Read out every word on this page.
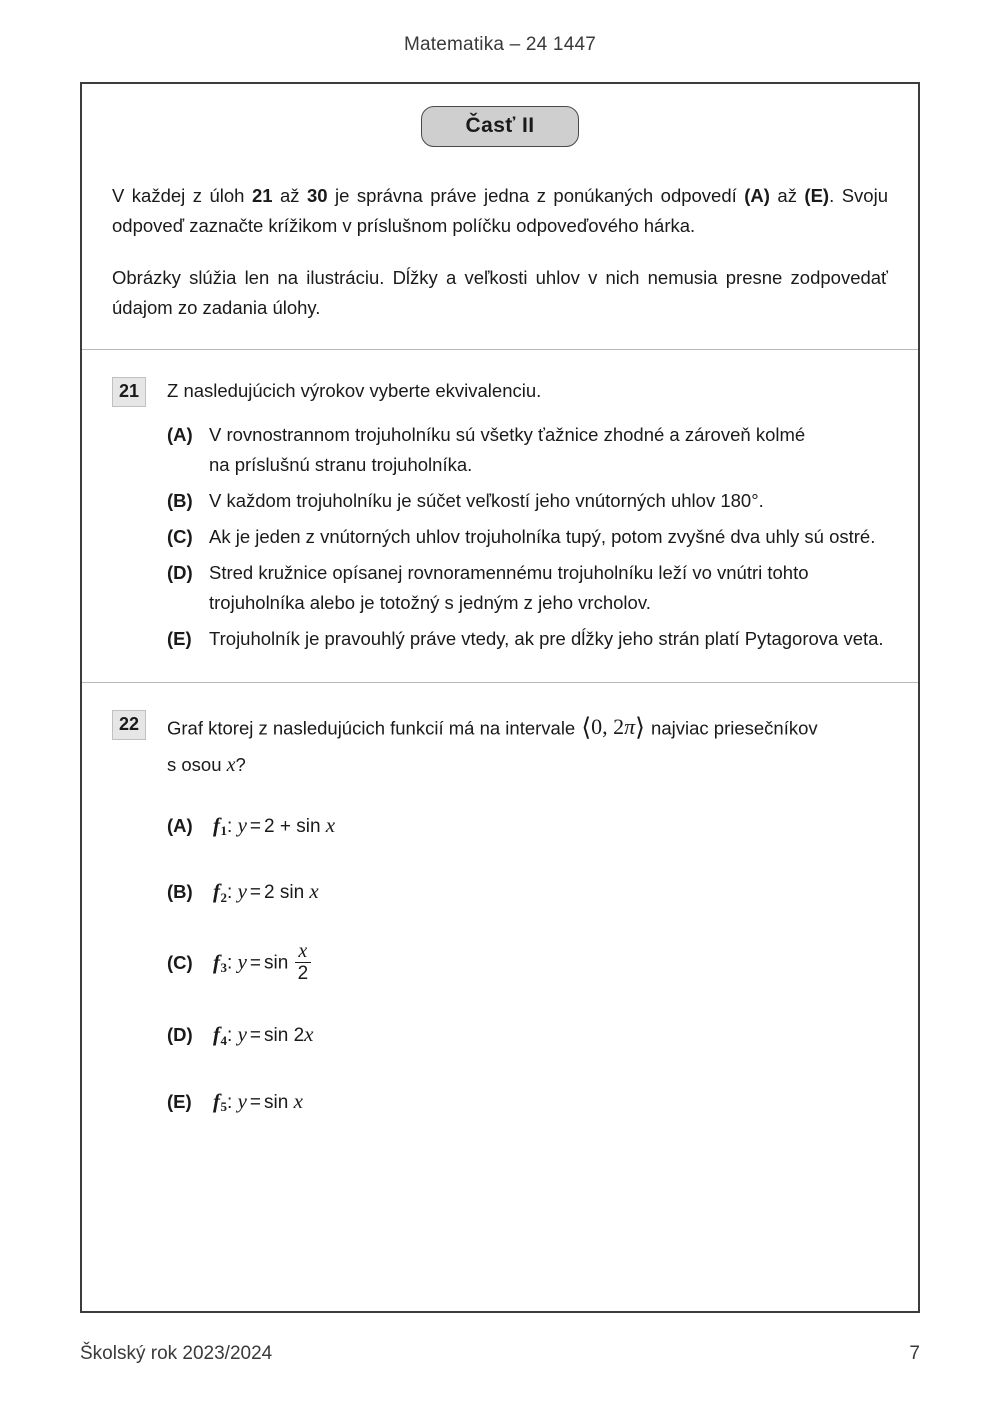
Matematika – 24 1447
Časť II

V každej z úloh 21 až 30 je správna práve jedna z ponúkaných odpovedí (A) až (E). Svoju odpoveď zaznačte krížikom v príslušnom políčku odpoveďového hárka.

Obrázky slúžia len na ilustráciu. Dĺžky a veľkosti uhlov v nich nemusia presne zodpovedať údajom zo zadania úlohy.

21	Z nasledujúcich výrokov vyberte ekvivalenciu.

(A) V rovnostrannom trojuholníku sú všetky ťažnice zhodné a zároveň kolmé
na príslušnú stranu trojuholníka.
(B) V každom trojuholníku je súčet veľkostí jeho vnútorných uhlov 180°.
(C) Ak je jeden z vnútorných uhlov trojuholníka tupý, potom zvyšné dva uhly sú ostré.
(D) Stred kružnice opísanej rovnoramennému trojuholníku leží vo vnútri tohto
trojuholníka alebo je totožný s jedným z jeho vrcholov.
(E) Trojuholník je pravouhlý práve vtedy, ak pre dĺžky jeho strán platí Pytagorova veta.
22	Graf ktorej z nasledujúcich funkcií má na intervale ⟨0, 2π⟩ najviac priesečníkov
s osou x?

(A) f1: y = 2 + sin x
(B) f2: y = 2 sin x
(C) f3: $y = \sin \frac{x}{2}$
(D) f4: y = sin 2x
(E)	f5: y = sin x
Školský rok 2023/2024	7
